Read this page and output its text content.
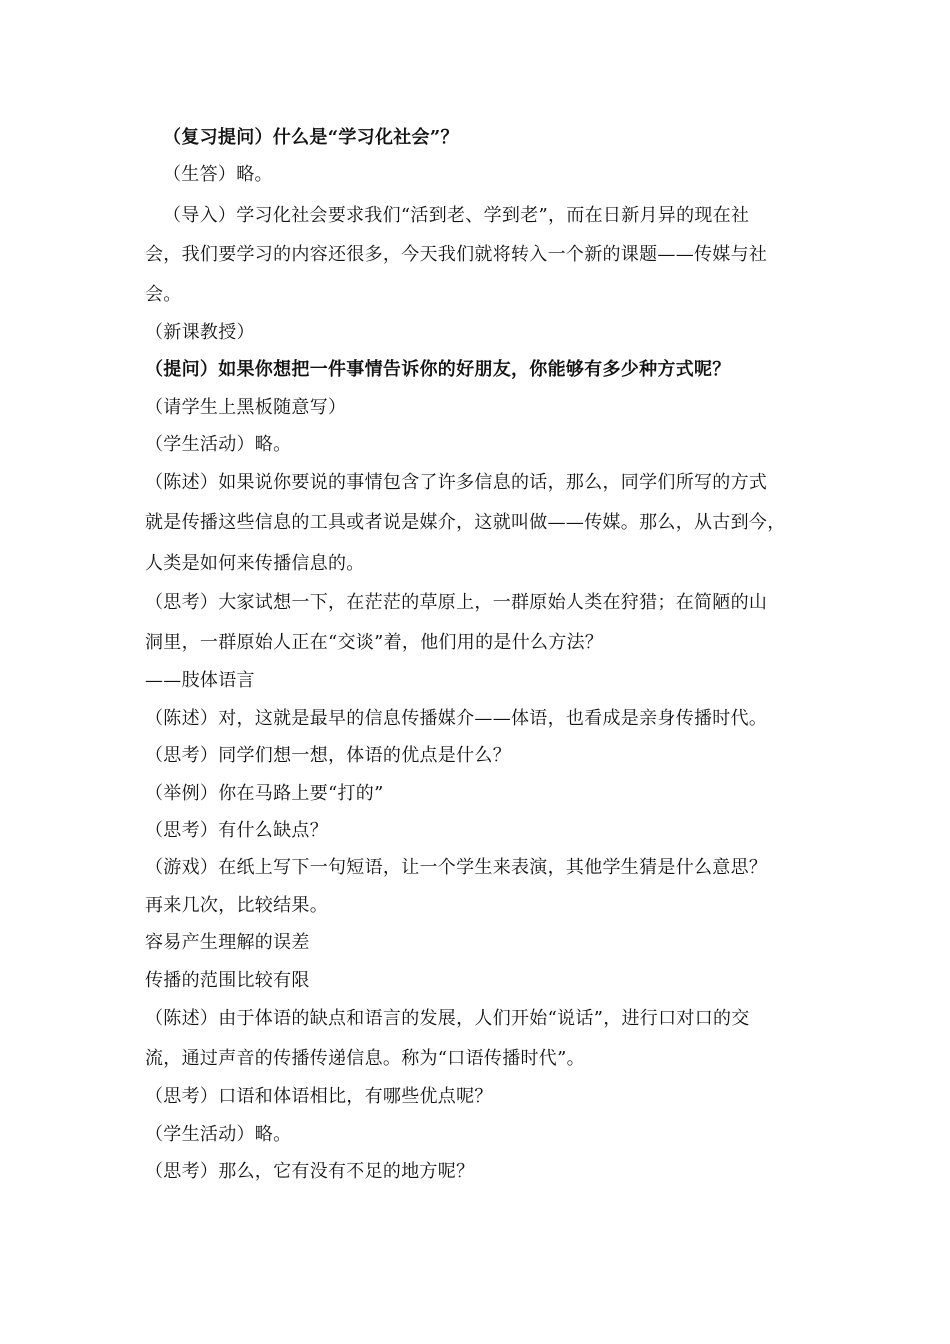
（复习提问）什么是“学习化社会”？
（生答）略。
（导入）学习化社会要求我们“活到老、学到老”，而在日新月异的现在社
会，我们要学习的内容还很多，今天我们就将转入一个新的课题——传媒与社
会。
（新课教授）
（提问）如果你想把一件事情告诉你的好朋友，你能够有多少种方式呢？
（请学生上黑板随意写）
（学生活动）略。
（陈述）如果说你要说的事情包含了许多信息的话，那么，同学们所写的方式
就是传播这些信息的工具或者说是媒介，这就叫做——传媒。那么，从古到今，
人类是如何来传播信息的。
（思考）大家试想一下，在茫茫的草原上，一群原始人类在狩猎；在简陋的山
洞里，一群原始人正在“交谈”着，他们用的是什么方法？
——肢体语言
（陈述）对，这就是最早的信息传播媒介——体语，也看成是亲身传播时代。
（思考）同学们想一想，体语的优点是什么？
（举例）你在马路上要“打的”
（思考）有什么缺点？
（游戏）在纸上写下一句短语，让一个学生来表演，其他学生猜是什么意思？
再来几次，比较结果。
容易产生理解的误差
传播的范围比较有限
（陈述）由于体语的缺点和语言的发展，人们开始“说话”，进行口对口的交
流，通过声音的传播传递信息。称为“口语传播时代”。
（思考）口语和体语相比，有哪些优点呢？
（学生活动）略。
（思考）那么，它有没有不足的地方呢？
